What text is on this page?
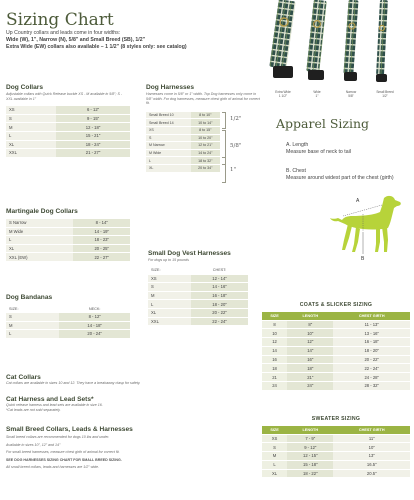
Sizing Chart
Up Country collars and leads come in four widths:
Wide (W), 1", Narrow (N), 5/8" and Small Breed (SB), 1/2"
Extra Wide (EW) collars also available – 1 1/2" (8 styles only: see catalog)
Extra Wide
1 1/2"
Wide
1"
Narrow
5/8"
Small Breed
1/2"
Dog Collars
Adjustable collars with Quick Release buckle XS - M available in 5/8"; S - XXL available in 1"
XS	6 - 12"
S	9 - 15"
M	12 - 18"
L	15 - 21"
XL	18 - 24"
XXL	21 - 27"
Martingale Dog Collars
S Narrow	8 - 14"
M Wide	14 - 19"
L	18 - 23"
XL	20 - 25"
XXL (EW)	22 - 27"
Dog Bandanas
SIZE:	NECK:
S	8 - 12"
M	14 - 18"
L	20 - 24"
Dog Harnesses
Harnesses come in 5/8" or 1" width. Top Dog harnesses only come in 5/8" width. For dog harnesses, measure chest girth of animal for correct fit.
Small Breed 10	8 to 10"
Small Breed 14	10 to 14"
XS	8 to 15"
S	10 to 20"
M Narrow	12 to 21"
M Wide	14 to 24"
L	18 to 32"
XL	20 to 34"
1/2"
5/8"
1"
Small Dog Vest Harnesses
For dogs up to 15 pounds
SIZE:	CHEST:
XS	12 - 14"
S	14 - 16"
M	16 - 18"
L	18 - 20"
XL	20 - 22"
XXL	22 - 24"
Apparel Sizing
A. Length
Measure base of neck to tail
B. Chest
Measure around widest part of the chest (girth)
A
B
COATS & SLICKER SIZING
SIZE	LENGTH	CHEST GIRTH
8	8"	11 - 13"
10	10"	13 - 16"
12	12"	16 - 18"
14	14"	18 - 20"
16	16"	20 - 22"
18	18"	22 - 24"
21	21"	24 - 28"
24	24"	28 - 32"
SWEATER SIZING
SIZE	LENGTH	CHEST GIRTH
XS	7 - 9"	11"
S	9 - 12"	10"
M	12 - 15"	13"
L	15 - 18"	16.5"
XL	18 - 22"	20.5"
Cat Collars
Cat collars are available in sizes 10 and 12. They have a breakaway clasp for safety.
Cat Harness and Lead Sets*
Quick release harness and lead sets are available in size 16.
*Cat leads are not sold separately.
Small Breed Collars, Leads & Harnesses
Small breed collars are recommended for dogs 10 lbs and under.
Available in sizes 10", 12" and 14"
For small breed harnesses, measure chest girth of animal for correct fit.
SEE DOG HARNESSES SIZING CHART FOR SMALL BREED SIZING.
All small breed collars, leads and harnesses are 1/2" wide.
